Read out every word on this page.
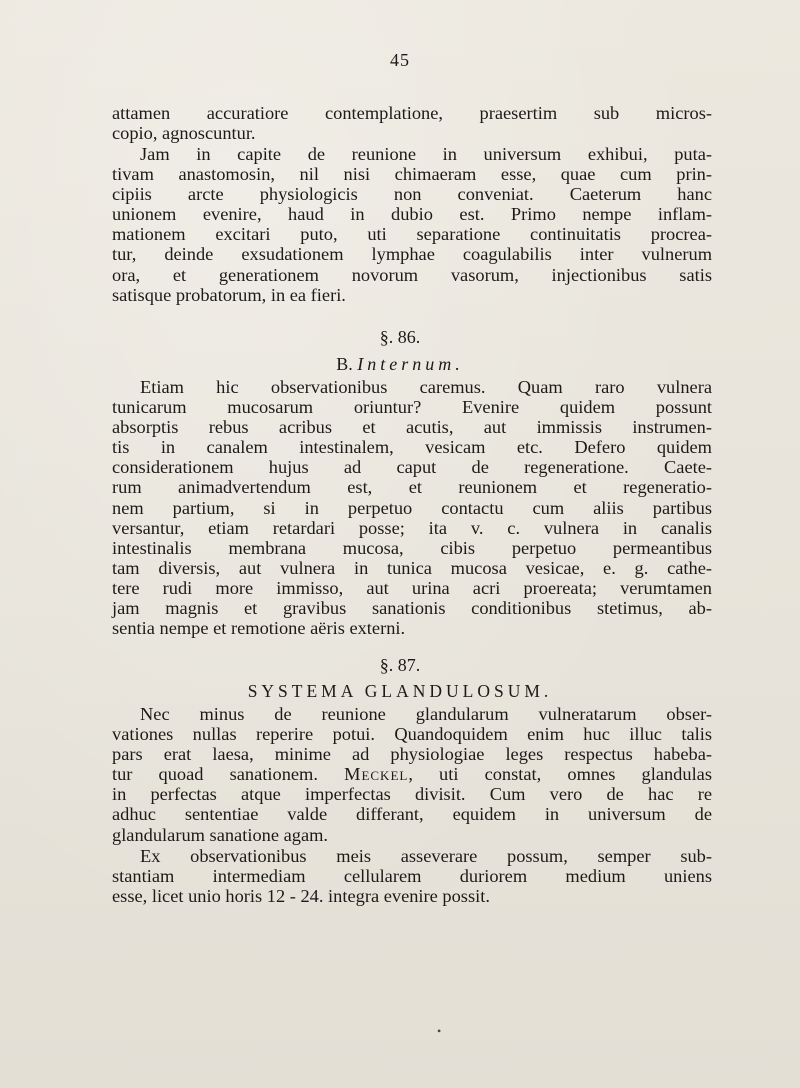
45
attamen accuratiore contemplatione, praesertim sub micros-
copio, agnoscuntur.
Jam in capite de reunione in universum exhibui, puta-
tivam anastomosin, nil nisi chimaeram esse, quae cum prin-
cipiis arcte physiologicis non conveniat. Caeterum hanc
unionem evenire, haud in dubio est. Primo nempe inflam-
mationem excitari puto, uti separatione continuitatis procrea-
tur, deinde exsudationem lymphae coagulabilis inter vulnerum
ora, et generationem novorum vasorum, injectionibus satis
satisque probatorum, in ea fieri.
§. 86.
B. Internum.
Etiam hic observationibus caremus. Quam raro vulnera
tunicarum mucosarum oriuntur? Evenire quidem possunt
absorptis rebus acribus et acutis, aut immissis instrumen-
tis in canalem intestinalem, vesicam etc. Defero quidem
considerationem hujus ad caput de regeneratione. Caete-
rum animadvertendum est, et reunionem et regeneratio-
nem partium, si in perpetuo contactu cum aliis partibus
versantur, etiam retardari posse; ita v. c. vulnera in canalis
intestinalis membrana mucosa, cibis perpetuo permeantibus
tam diversis, aut vulnera in tunica mucosa vesicae, e. g. cathe-
tere rudi more immisso, aut urina acri proereata; verumtamen
jam magnis et gravibus sanationis conditionibus stetimus, ab-
sentia nempe et remotione aëris externi.
§. 87.
SYSTEMA GLANDULOSUM.
Nec minus de reunione glandularum vulneratarum obser-
vationes nullas reperire potui. Quandoquidem enim huc illuc talis
pars erat laesa, minime ad physiologiae leges respectus habeba-
tur quoad sanationem. Meckel, uti constat, omnes glandulas
in perfectas atque imperfectas divisit. Cum vero de hac re
adhuc sententiae valde differant, equidem in universum de
glandularum sanatione agam.
Ex observationibus meis asseverare possum, semper sub-
stantiam intermediam cellularem duriorem medium uniens
esse, licet unio horis 12 - 24. integra evenire possit.
•
